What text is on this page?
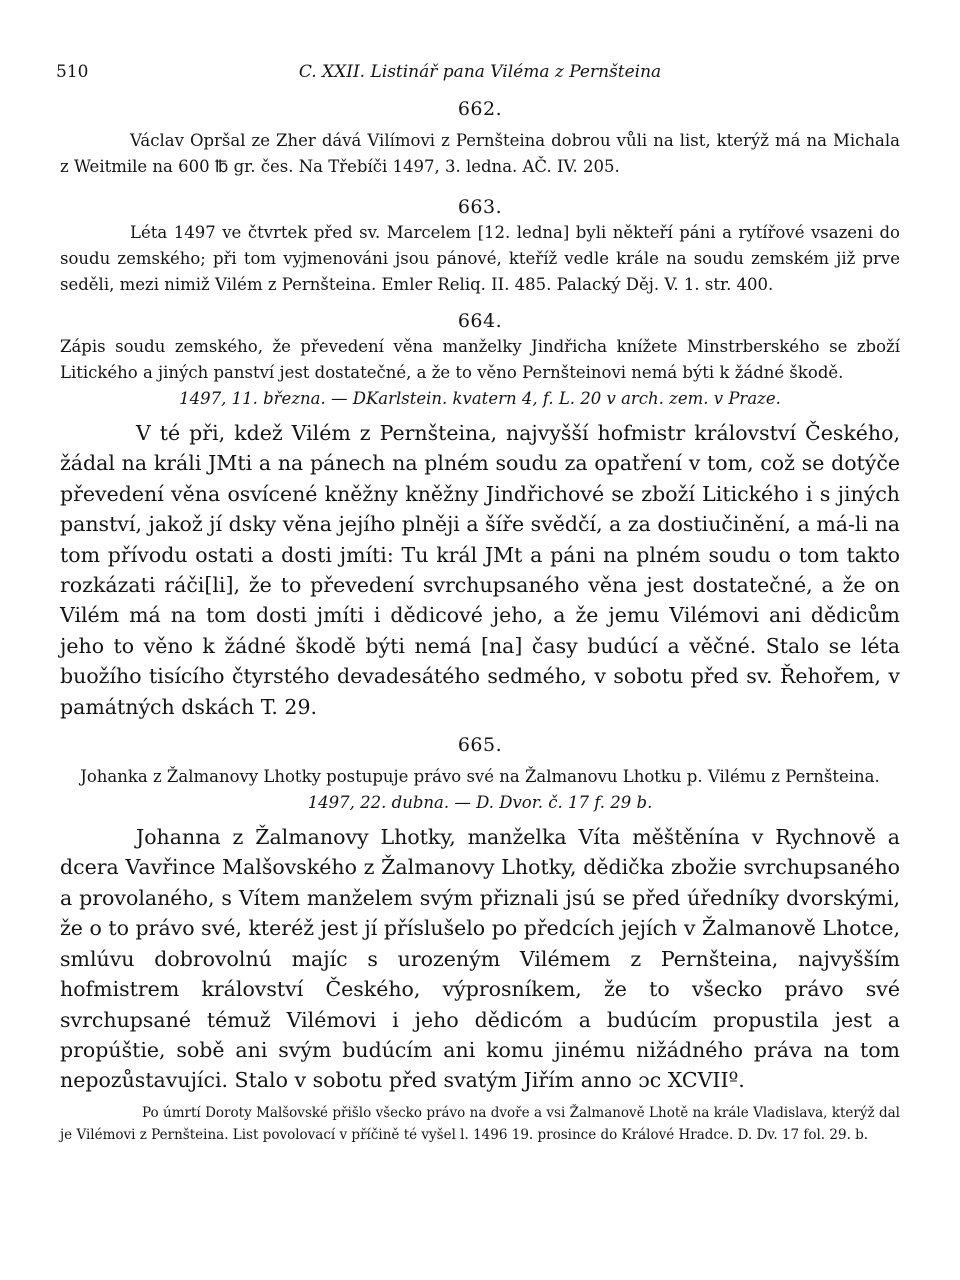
510	C. XXII. Listinář pana Viléma z Pernšteina
662.

Václav Opršal ze Zher dává Vilímovi z Pernšteina dobrou vůli na list, kterýž má na Michala z Weitmile na 600 ℔ gr. čes. Na Třebíči 1497, 3. ledna. AČ. IV. 205.

663.

Léta 1497 ve čtvrtek před sv. Marcelem [12. ledna] byli někteří páni a rytířové vsazeni do soudu zemského; při tom vyjmenováni jsou pánové, kteříž vedle krále na soudu zemském již prve seděli, mezi nimiž Vilém z Pernšteina. Emler Reliq. II. 485. Palacký Děj. V. 1. str. 400.

664.

Zápis soudu zemského, že převedení věna manželky Jindřicha knížete Minstrberského se zboží Litického a jiných panství jest dostatečné, a že to věno Pernšteinovi nemá býti k žádné škodě.

1497, 11. března. — DKarlstein. kvatern 4, f. L. 20 v arch. zem. v Praze.

V té při, kdež Vilém z Pernšteina, najvyšší hofmistr království Českého, žádal na králi JMti a na pánech na plném soudu za opatření v tom, což se dotýče převedení věna osvícené kněžny kněžny Jindřichové se zboží Litického i s jiných panství, jakož jí dsky věna jejího plněji a šíře svědčí, a za dostiučinění, a má-li na tom přívodu ostati a dosti jmíti: Tu král JMt a páni na plném soudu o tom takto rozkázati ráči[li], že to převedení svrchupsaného věna jest dostatečné, a že on Vilém má na tom dosti jmíti i dědicové jeho, a že jemu Vilémovi ani dědicům jeho to věno k žádné škodě býti nemá [na] časy budúcí a věčné. Stalo se léta buožího tisícího čtyrstého devadesátého sedmého, v sobotu před sv. Řehořem, v památných dskách T. 29.

665.

Johanka z Žalmanovy Lhotky postupuje právo své na Žalmanovu Lhotku p. Vilému z Pernšteina.

1497, 22. dubna. — D. Dvor. č. 17 f. 29 b.

Johanna z Žalmanovy Lhotky, manželka Víta měštěnína v Rychnově a dcera Vavřince Malšovského z Žalmanovy Lhotky, dědička zbožie svrchupsaného a provolaného, s Vítem manželem svým přiznali jsú se před úředníky dvorskými, že o to právo své, kteréž jest jí příslušelo po předcích jejích v Žalmanově Lhotce, smlúvu dobrovolnú majíc s urozeným Vilémem z Pernšteina, najvyšším hofmistrem království Českého, výprosníkem, že to všecko právo své svrchupsané témuž Vilémovi i jeho dědicóm a budúcím propustila jest a propúštie, sobě ani svým budúcím ani komu jinému nižádného práva na tom nepozůstavujíci. Stalo v sobotu před svatým Jiřím anno ɔc XCVIIº.

Po úmrtí Doroty Malšovské přišlo všecko právo na dvoře a vsi Žalmanově Lhotě na krále Vladislava, kterýž dal je Vilémovi z Pernšteina. List povolovací v příčině té vyšel l. 1496 19. prosince do Králové Hradce. D. Dv. 17 fol. 29. b.
